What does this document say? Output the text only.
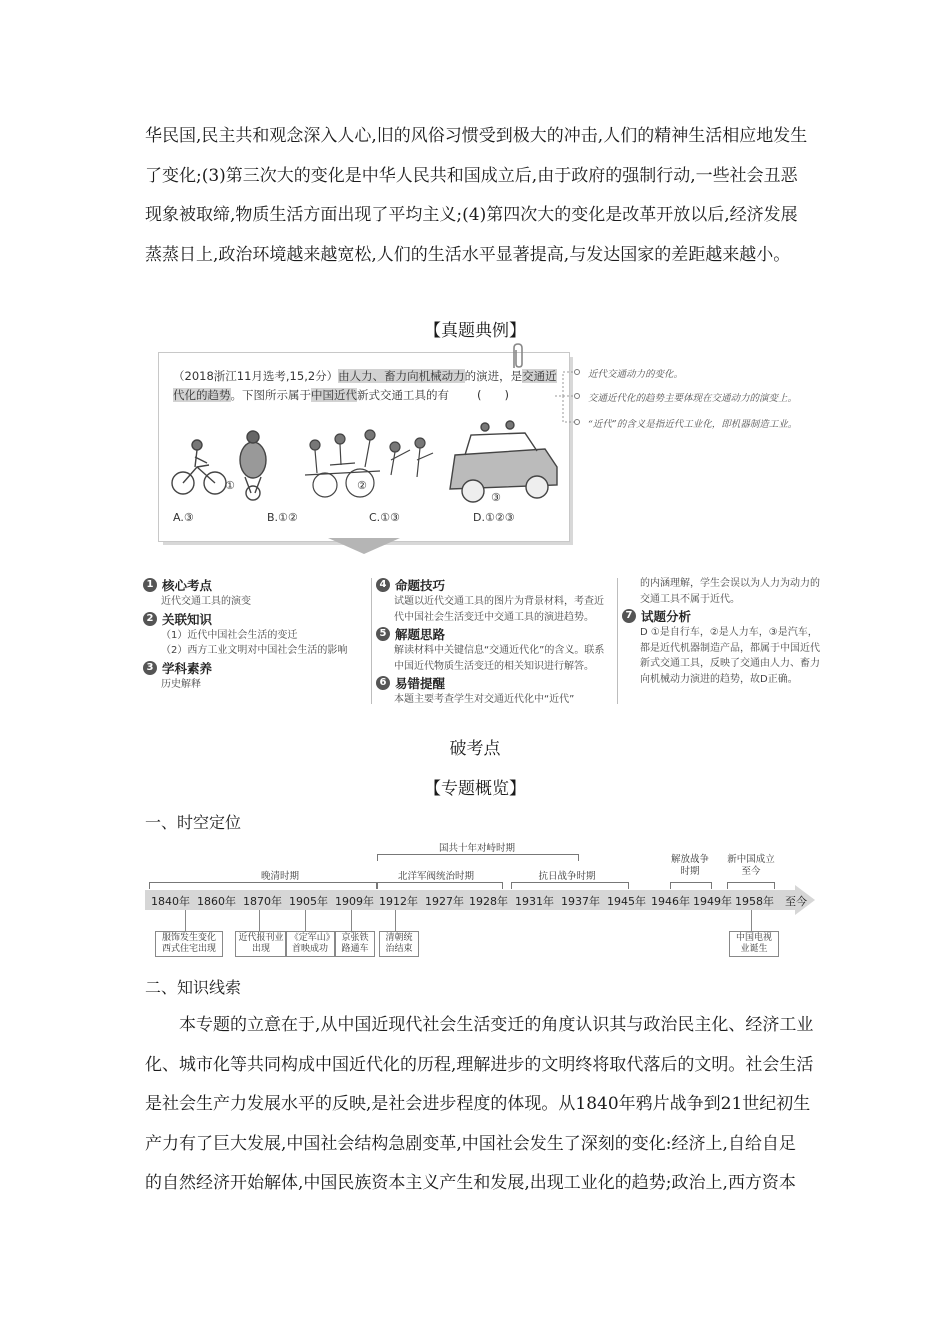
华民国,民主共和观念深入人心,旧的风俗习惯受到极大的冲击,人们的精神生活相应地发生

了变化;(3)第三次大的变化是中华人民共和国成立后,由于政府的强制行动,一些社会丑恶

现象被取缔,物质生活方面出现了平均主义;(4)第四次大的变化是改革开放以后,经济发展

蒸蒸日上,政治环境越来越宽松,人们的生活水平显著提高,与发达国家的差距越来越小。

【真题典例】
（2018浙江11月选考,15,2分）由人力、畜力向机械动力的演进，是交通近代化的趋势。下图所示属于中国近代新式交通工具的有 (　　)
①	②
③
A.③	B.①②	C.①③	D.①②③
近代交通动力的变化。
交通近代化的趋势主要体现在交通动力的演变上。
“近代”的含义是指近代工业化，即机器制造工业。
1 核心考点
近代交通工具的演变
2 关联知识
（1）近代中国社会生活的变迁
（2）西方工业文明对中国社会生活的影响
3 学科素养
历史解释
4 命题技巧
试题以近代交通工具的图片为背景材料，考查近代中国社会生活变迁中交通工具的演进趋势。
5 解题思路
解读材料中关键信息“交通近代化”的含义。联系中国近代物质生活变迁的相关知识进行解答。
6 易错提醒
本题主要考查学生对交通近代化中“近代”
的内涵理解，学生会误以为人力为动力的交通工具不属于近代。
7 试题分析
D ①是自行车，②是人力车，③是汽车，都是近代机器制造产品，都属于中国近代新式交通工具，反映了交通由人力、畜力向机械动力演进的趋势，故D正确。
破考点
【专题概览】
一、时空定位
国共十年对峙时期
解放战争时期
新中国成立至今
晚清时期	北洋军阀统治时期	抗日战争时期
1840年 1860年 1870年 1905年 1909年 1912年 1927年 1928年 1931年 1937年 1945年 1946年 1949年 1958年 至今
服饰发生变化 西式住宅出现
近代报刊业出现
《定军山》首映成功
京张铁路通车
清朝统治结束
中国电视业诞生
二、知识线索

本专题的立意在于,从中国近现代社会生活变迁的角度认识其与政治民主化、经济工业

化、城市化等共同构成中国近代化的历程,理解进步的文明终将取代落后的文明。社会生活

是社会生产力发展水平的反映,是社会进步程度的体现。从1840年鸦片战争到21世纪初生

产力有了巨大发展,中国社会结构急剧变革,中国社会发生了深刻的变化:经济上,自给自足

的自然经济开始解体,中国民族资本主义产生和发展,出现工业化的趋势;政治上,西方资本
